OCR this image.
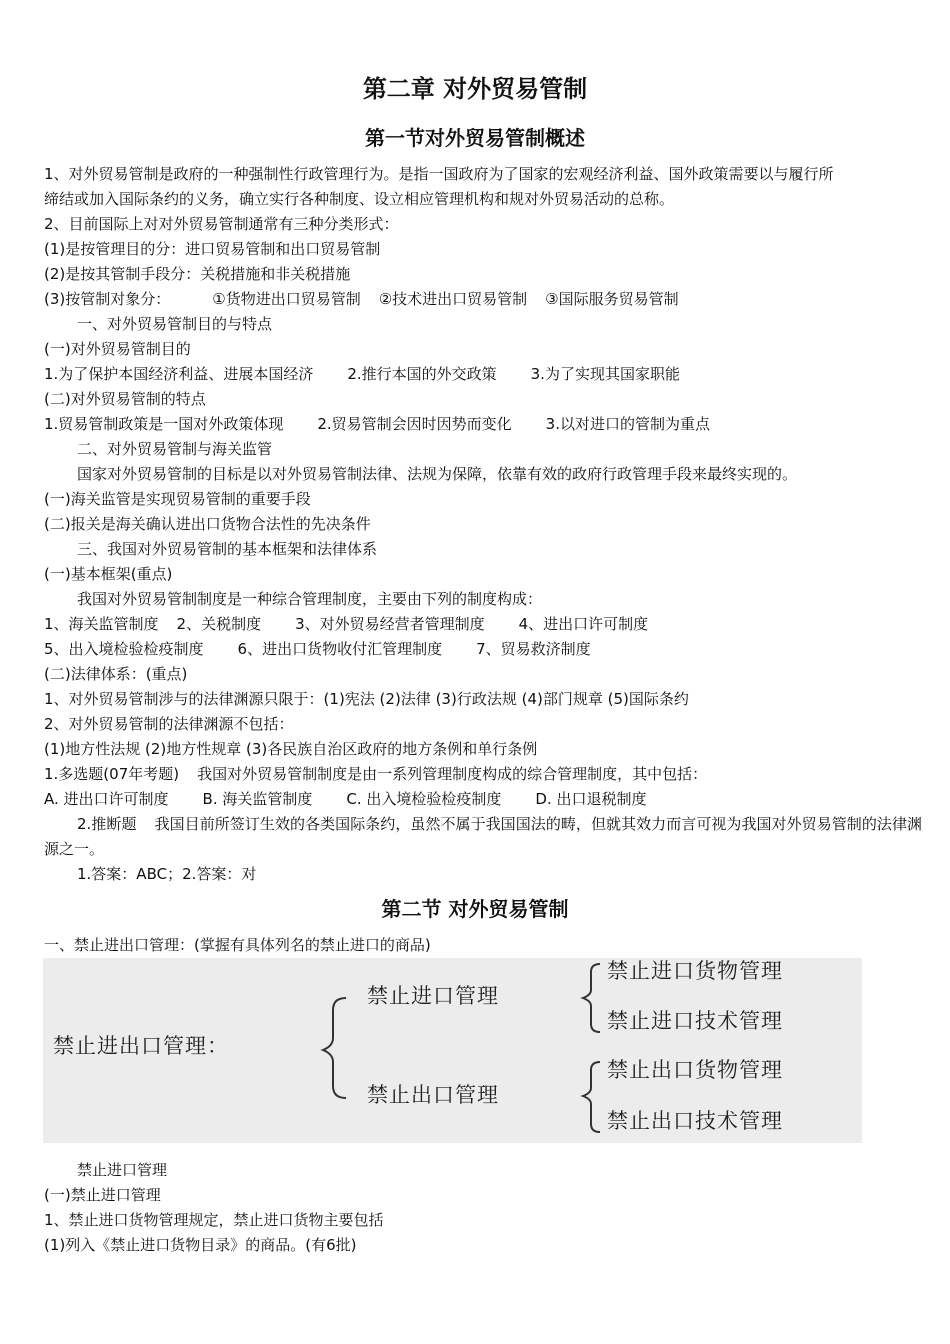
第二章 对外贸易管制
第一节对外贸易管制概述
1、对外贸易管制是政府的一种强制性行政管理行为。是指一国政府为了国家的宏观经济利益、国外政策需要以与履行所
缔结或加入国际条约的义务，确立实行各种制度、设立相应管理机构和规对外贸易活动的总称。
2、目前国际上对对外贸易管制通常有三种分类形式：
(1)是按管理目的分：进口贸易管制和出口贸易管制
(2)是按其管制手段分：关税措施和非关税措施
(3)按管制对象分：	①货物进出口贸易管制 ②技术进出口贸易管制 ③国际服务贸易管制
一、对外贸易管制目的与特点
(一)对外贸易管制目的
1.为了保护本国经济利益、进展本国经济 2.推行本国的外交政策 3.为了实现其国家职能
(二)对外贸易管制的特点
1.贸易管制政策是一国对外政策体现 2.贸易管制会因时因势而变化 3.以对进口的管制为重点
二、对外贸易管制与海关监管
国家对外贸易管制的目标是以对外贸易管制法律、法规为保障，依靠有效的政府行政管理手段来最终实现的。
(一)海关监管是实现贸易管制的重要手段
(二)报关是海关确认进出口货物合法性的先决条件
三、我国对外贸易管制的基本框架和法律体系
(一)基本框架(重点)
我国对外贸易管制制度是一种综合管理制度，主要由下列的制度构成：
1、海关监管制度 2、关税制度 3、对外贸易经营者管理制度 4、进出口许可制度
5、出入境检验检疫制度 6、进出口货物收付汇管理制度 7、贸易救济制度
(二)法律体系：(重点)
1、对外贸易管制涉与的法律渊源只限于：(1)宪法 (2)法律 (3)行政法规 (4)部门规章 (5)国际条约
2、对外贸易管制的法律渊源不包括：
(1)地方性法规 (2)地方性规章 (3)各民族自治区政府的地方条例和单行条例
1.多选题(07年考题) 我国对外贸易管制制度是由一系列管理制度构成的综合管理制度，其中包括：
A. 进出口许可制度 B. 海关监管制度 C. 出入境检验检疫制度 D. 出口退税制度
2.推断题 我国目前所签订生效的各类国际条约，虽然不属于我国国法的畴，但就其效力而言可视为我国对外贸易管制的法律渊源之一。
1.答案：ABC；2.答案：对
第二节 对外贸易管制
一、禁止进出口管理：(掌握有具体列名的禁止进口的商品)
禁止进出口管理：
禁止进口管理
禁止出口管理
禁止进口货物管理
禁止进口技术管理
禁止出口货物管理
禁止出口技术管理
禁止进口管理
(一)禁止进口管理
1、禁止进口货物管理规定，禁止进口货物主要包括
(1)列入《禁止进口货物目录》的商品。(有6批)
